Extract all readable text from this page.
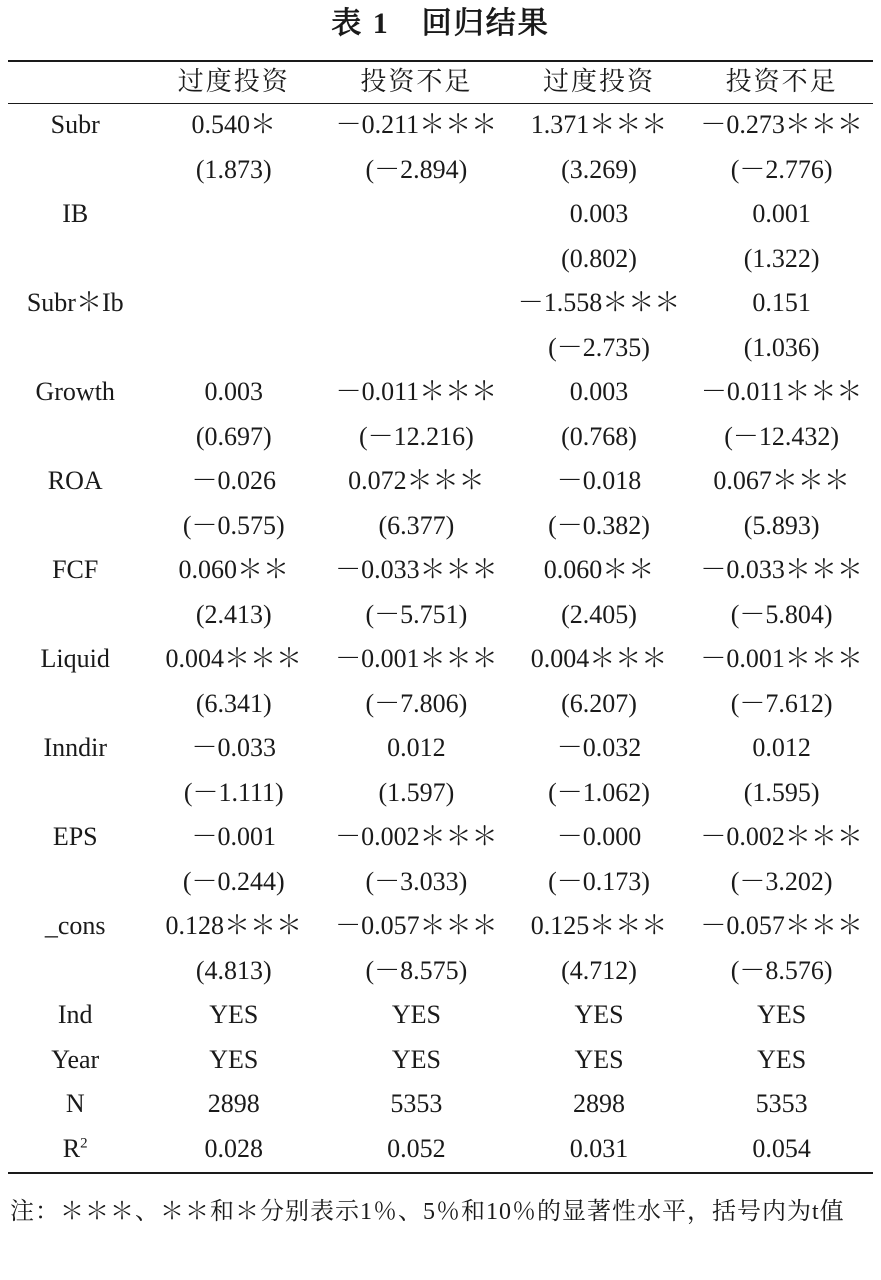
表 1　回归结果
	过度投资	投资不足	过度投资	投资不足
Subr	0.540＊	－0.211＊＊＊	1.371＊＊＊	－0.273＊＊＊
	(1.873)	(－2.894)	(3.269)	(－2.776)
IB			0.003	0.001
			(0.802)	(1.322)
Subr＊Ib			－1.558＊＊＊	0.151
			(－2.735)	(1.036)
Growth	0.003	－0.011＊＊＊	0.003	－0.011＊＊＊
	(0.697)	(－12.216)	(0.768)	(－12.432)
ROA	－0.026	0.072＊＊＊	－0.018	0.067＊＊＊
	(－0.575)	(6.377)	(－0.382)	(5.893)
FCF	0.060＊＊	－0.033＊＊＊	0.060＊＊	－0.033＊＊＊
	(2.413)	(－5.751)	(2.405)	(－5.804)
Liquid	0.004＊＊＊	－0.001＊＊＊	0.004＊＊＊	－0.001＊＊＊
	(6.341)	(－7.806)	(6.207)	(－7.612)
Inndir	－0.033	0.012	－0.032	0.012
	(－1.111)	(1.597)	(－1.062)	(1.595)
EPS	－0.001	－0.002＊＊＊	－0.000	－0.002＊＊＊
	(－0.244)	(－3.033)	(－0.173)	(－3.202)
_cons	0.128＊＊＊	－0.057＊＊＊	0.125＊＊＊	－0.057＊＊＊
	(4.813)	(－8.575)	(4.712)	(－8.576)
Ind	YES	YES	YES	YES
Year	YES	YES	YES	YES
N	2898	5353	2898	5353
$R^2$	0.028	0.052	0.031	0.054
注：＊＊＊、＊＊和＊分别表示1％、5％和10％的显著性水平，括号内为t值
